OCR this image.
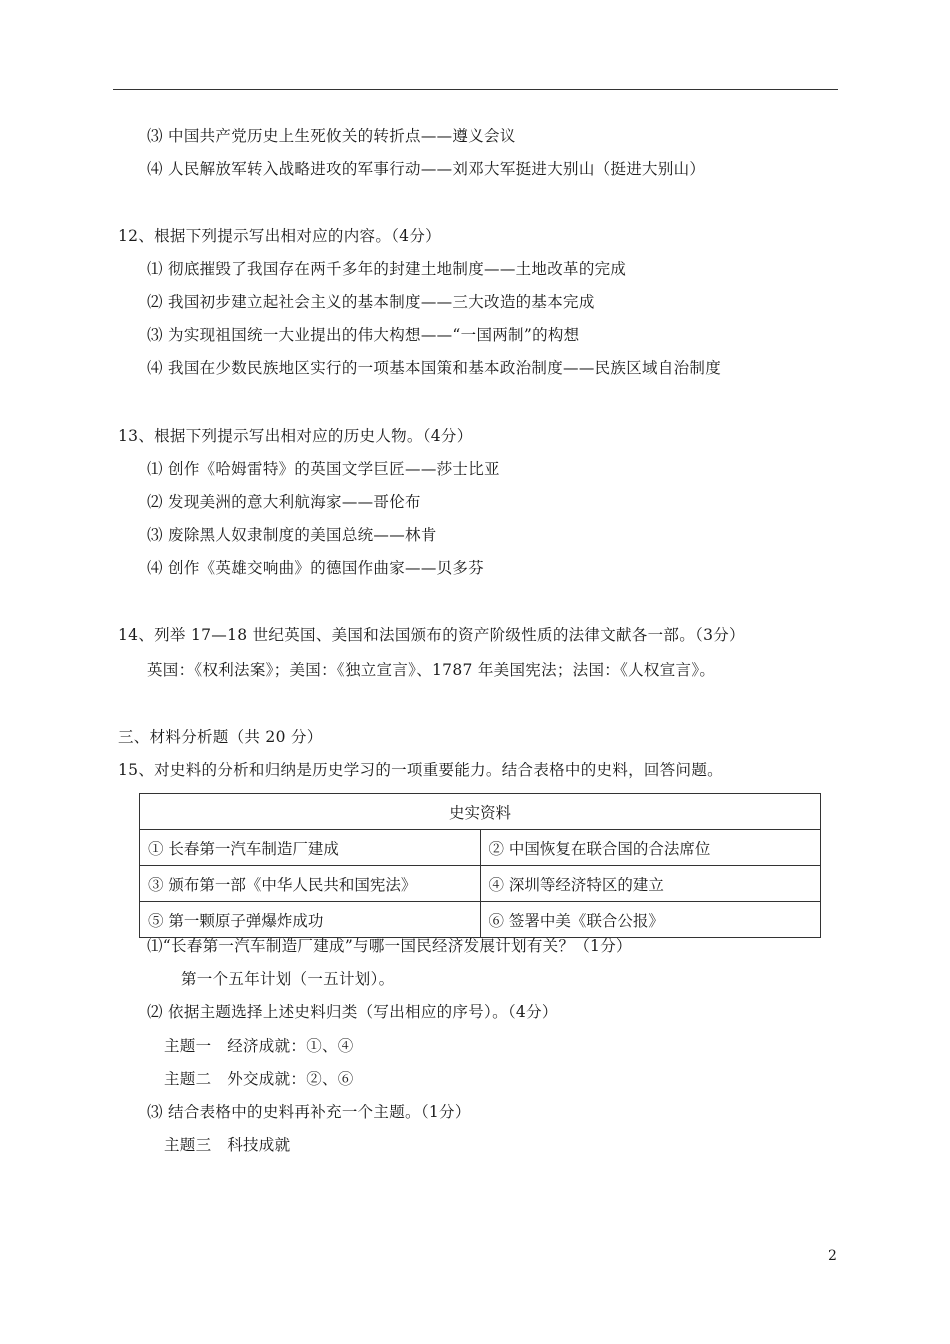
⑶ 中国共产党历史上生死攸关的转折点——遵义会议
⑷ 人民解放军转入战略进攻的军事行动——刘邓大军挺进大别山（挺进大别山）
12、根据下列提示写出相对应的内容。（4分）
⑴ 彻底摧毁了我国存在两千多年的封建土地制度——土地改革的完成
⑵ 我国初步建立起社会主义的基本制度——三大改造的基本完成
⑶ 为实现祖国统一大业提出的伟大构想——“一国两制”的构想
⑷ 我国在少数民族地区实行的一项基本国策和基本政治制度——民族区域自治制度
13、根据下列提示写出相对应的历史人物。（4分）
⑴ 创作《哈姆雷特》的英国文学巨匠——莎士比亚
⑵ 发现美洲的意大利航海家——哥伦布
⑶ 废除黑人奴隶制度的美国总统——林肯
⑷ 创作《英雄交响曲》的德国作曲家——贝多芬
14、列举 17—18 世纪英国、美国和法国颁布的资产阶级性质的法律文献各一部。（3分）
英国：《权利法案》；美国：《独立宣言》、1787 年美国宪法；法国：《人权宣言》。
三、材料分析题（共 20 分）
15、对史料的分析和归纳是历史学习的一项重要能力。结合表格中的史料，回答问题。
史实资料	
① 长春第一汽车制造厂建成	② 中国恢复在联合国的合法席位
③ 颁布第一部《中华人民共和国宪法》	④ 深圳等经济特区的建立
⑤ 第一颗原子弹爆炸成功	⑥ 签署中美《联合公报》
⑴“长春第一汽车制造厂建成”与哪一国民经济发展计划有关？（1分）
第一个五年计划（一五计划）。
⑵ 依据主题选择上述史料归类（写出相应的序号）。（4分）
主题一　经济成就：①、④
主题二　外交成就：②、⑥
⑶ 结合表格中的史料再补充一个主题。（1分）
主题三　科技成就
2
